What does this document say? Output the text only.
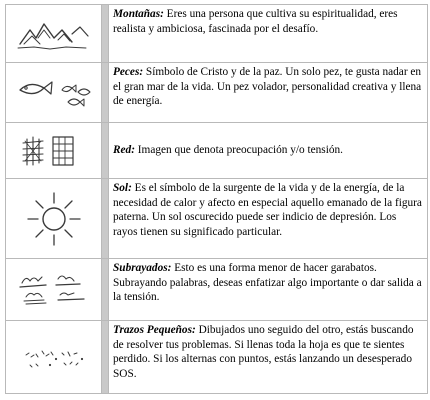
Montañas: Eres una persona que cultiva su espiritualidad, eres realista y ambiciosa, fascinada por el desafío.
Peces: Símbolo de Cristo y de la paz. Un solo pez, te gusta nadar en el gran mar de la vida. Un pez volador, personalidad creativa y llena de energía.
Red: Imagen que denota preocupación y/o tensión.
Sol: Es el símbolo de la surgente de la vida y de la energía, de la necesidad de calor y afecto en especial aquello emanado de la figura paterna. Un sol oscurecido puede ser indicio de depresión. Los rayos tienen su significado particular.
Subrayados: Esto es una forma menor de hacer garabatos. Subrayando palabras, deseas enfatizar algo importante o dar salida a la tensión.
Trazos Pequeños: Dibujados uno seguido del otro, estás buscando de resolver tus problemas. Si llenas toda la hoja es que te sientes perdido. Si los alternas con puntos, estás lanzando un desesperado SOS.
